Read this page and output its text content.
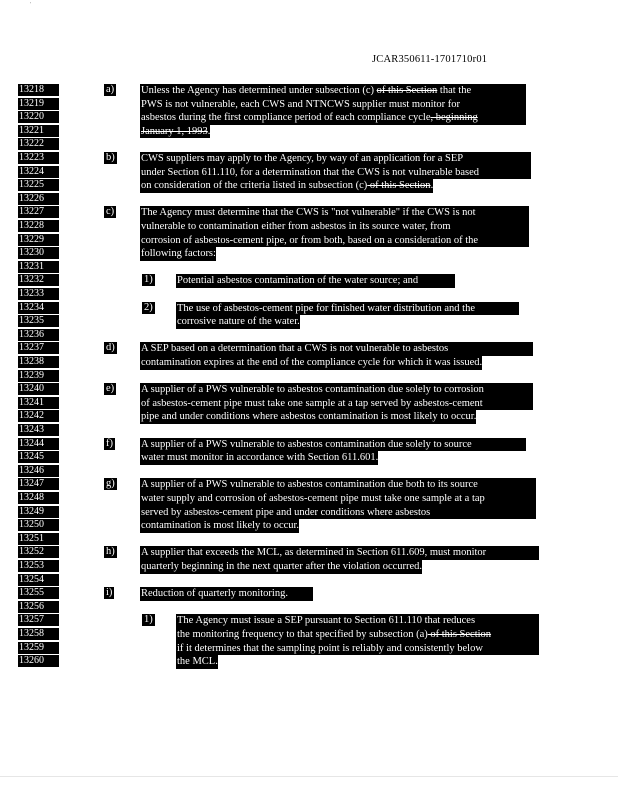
'
JCAR350611-1701710r01
13218
13219
13220
13221
13222
13223
13224
13225
13226
13227
13228
13229
13230
13231
13232
13233
13234
13235
13236
13237
13238
13239
13240
13241
13242
13243
13244
13245
13246
13247
13248
13249
13250
13251
13252
13253
13254
13255
13256
13257
13258
13259
13260
a)	Unless the Agency has determined under subsection (c) of this Section that the
PWS is not vulnerable, each CWS and NTNCWS supplier must monitor for
asbestos during the first compliance period of each compliance cycle, beginning
January 1, 1993.

b)	CWS suppliers may apply to the Agency, by way of an application for a SEP
under Section 611.110, for a determination that the CWS is not vulnerable based
on consideration of the criteria listed in subsection (c) of this Section.

c)	The Agency must determine that the CWS is "not vulnerable" if the CWS is not
vulnerable to contamination either from asbestos in its source water, from
corrosion of asbestos-cement pipe, or from both, based on a consideration of the
following factors:

1) Potential asbestos contamination of the water source; and
2) The use of asbestos-cement pipe for finished water distribution and the
corrosive nature of the water.

d)	A SEP based on a determination that a CWS is not vulnerable to asbestos
contamination expires at the end of the compliance cycle for which it was issued.

e)	A supplier of a PWS vulnerable to asbestos contamination due solely to corrosion
of asbestos-cement pipe must take one sample at a tap served by asbestos-cement
pipe and under conditions where asbestos contamination is most likely to occur.

f)	A supplier of a PWS vulnerable to asbestos contamination due solely to source
water must monitor in accordance with Section 611.601.

g)	A supplier of a PWS vulnerable to asbestos contamination due both to its source
water supply and corrosion of asbestos-cement pipe must take one sample at a tap
served by asbestos-cement pipe and under conditions where asbestos
contamination is most likely to occur.

h)	A supplier that exceeds the MCL, as determined in Section 611.609, must monitor
quarterly beginning in the next quarter after the violation occurred.

i)	Reduction of quarterly monitoring.
1) The Agency must issue a SEP pursuant to Section 611.110 that reduces
the monitoring frequency to that specified by subsection (a) of this Section
if it determines that the sampling point is reliably and consistently below
the MCL.
